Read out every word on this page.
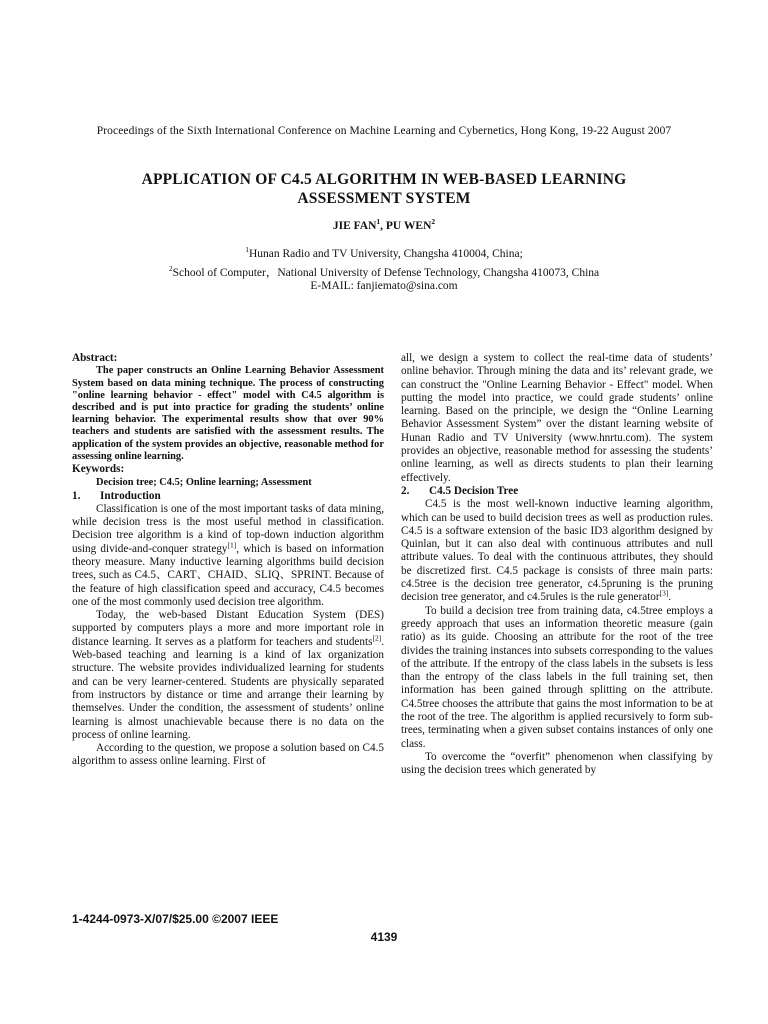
Proceedings of the Sixth International Conference on Machine Learning and Cybernetics, Hong Kong, 19-22 August 2007
APPLICATION OF C4.5 ALGORITHM IN WEB-BASED LEARNING
ASSESSMENT SYSTEM
JIE FAN$^1$, PU WEN$^2$
$^1$Hunan Radio and TV University, Changsha 410004, China;
$^2$School of Computer，National University of Defense Technology, Changsha 410073, China
E-MAIL: fanjiemato@sina.com

Abstract:

The paper constructs an Online Learning Behavior Assessment System based on data mining technique. The process of constructing "online learning behavior - effect" model with C4.5 algorithm is described and is put into practice for grading the students’ online learning behavior. The experimental results show that over 90% teachers and students are satisfied with the assessment results. The application of the system provides an objective, reasonable method for assessing online learning.

Keywords:

Decision tree; C4.5; Online learning; Assessment

1. Introduction

Classification is one of the most important tasks of data mining, while decision tress is the most useful method in classification. Decision tree algorithm is a kind of top-down induction algorithm using divide-and-conquer strategy[1], which is based on information theory measure. Many inductive learning algorithms build decision trees, such as C4.5、CART、CHAID、SLIQ、SPRINT. Because of the feature of high classification speed and accuracy, C4.5 becomes one of the most commonly used decision tree algorithm.

Today, the web-based Distant Education System (DES) supported by computers plays a more and more important role in distance learning. It serves as a platform for teachers and students[2]. Web-based teaching and learning is a kind of lax organization structure. The website provides individualized learning for students and can be very learner-centered. Students are physically separated from instructors by distance or time and arrange their learning by themselves. Under the condition, the assessment of students’ online learning is almost unachievable because there is no data on the process of online learning.

According to the question, we propose a solution based on C4.5 algorithm to assess online learning. First of

all, we design a system to collect the real-time data of students’ online behavior. Through mining the data and its’ relevant grade, we can construct the "Online Learning Behavior - Effect" model. When putting the model into practice, we could grade students’ online learning. Based on the principle, we design the “Online Learning Behavior Assessment System” over the distant learning website of Hunan Radio and TV University (www.hnrtu.com). The system provides an objective, reasonable method for assessing the students’ online learning, as well as directs students to plan their learning effectively.

2. C4.5 Decision Tree

C4.5 is the most well-known inductive learning algorithm, which can be used to build decision trees as well as production rules. C4.5 is a software extension of the basic ID3 algorithm designed by Quinlan, but it can also deal with continuous attributes and null attribute values. To deal with the continuous attributes, they should be discretized first. C4.5 package is consists of three main parts: c4.5tree is the decision tree generator, c4.5pruning is the pruning decision tree generator, and c4.5rules is the rule generator[3].

To build a decision tree from training data, c4.5tree employs a greedy approach that uses an information theoretic measure (gain ratio) as its guide. Choosing an attribute for the root of the tree divides the training instances into subsets corresponding to the values of the attribute. If the entropy of the class labels in the subsets is less than the entropy of the class labels in the full training set, then information has been gained through splitting on the attribute. C4.5tree chooses the attribute that gains the most information to be at the root of the tree. The algorithm is applied recursively to form sub-trees, terminating when a given subset contains instances of only one class.

To overcome the “overfit” phenomenon when classifying by using the decision trees which generated by

1-4244-0973-X/07/$25.00 ©2007 IEEE
4139
